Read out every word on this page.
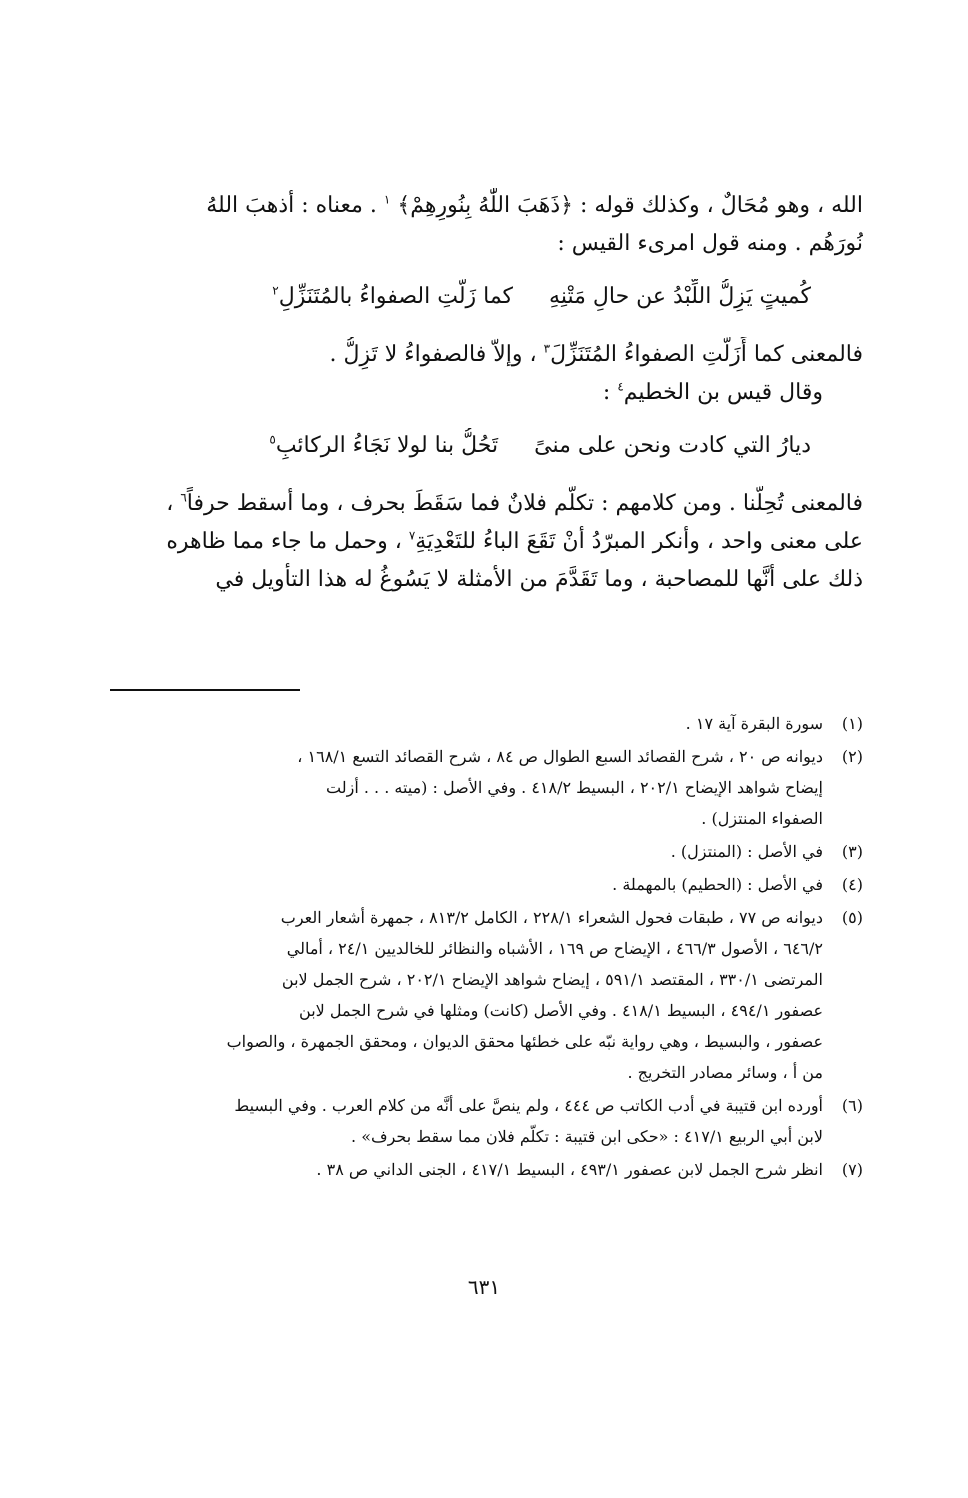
الله ، وهو مُحَالٌ ، وكذلك قوله : ﴿ذَهَبَ اللّٰهُ بِنُورِهِمْ﴾ $^١$ . معناه : أذهبَ اللهُ
نُورَهُم . ومنه قول امرىء القيس :
كُميتٍ يَزِلُّ اللِّبْدُ عن حالِ مَتْنِهِ
كما زَلَّتِ الصفواءُ بالمُتَنَزِّلِ$^٢$
فالمعنى كما أَزَلَّتِ الصفواءُ المُتَنَزِّلَ$^٣$ ، وإلاّ فالصفواءُ لا تَزِلُّ .
وقال قيس بن الخطيم$^٤$ :
ديارُ التي كادت ونحن على منىً
تَحُلُّ بنا لولا نَجَاءُ الركائبِ$^٥$
فالمعنى تُحِلُّنا . ومن كلامهم : تكلَّم فلانٌ فما سَقَطَ بحرف ، وما أسقط حرفاً$^٦$ ،
على معنى واحد ، وأنكر المبرّدُ أنْ تَقَعَ الباءُ للتَعْدِيَةِ$^٧$ ، وحمل ما جاء مما ظاهره
ذلك على أنَّها للمصاحبة ، وما تَقَدَّمَ من الأمثلة لا يَسُوغُ له هذا التأويل في
(١)
سورة البقرة آية ١٧ .
(٢)
ديوانه ص ٢٠ ، شرح القصائد السبع الطوال ص ٨٤ ، شرح القصائد التسع ١٦٨/١ ،
إيضاح شواهد الإيضاح ٢٠٢/١ ، البسيط ٤١٨/٢ . وفي الأصل : (ميته . . . أزلت
الصفواء المنتزل) .
(٣)
في الأصل : (المنتزل) .
(٤)
في الأصل : (الحطيم) بالمهملة .
(٥)
ديوانه ص ٧٧ ، طبقات فحول الشعراء ٢٢٨/١ ، الكامل ٨١٣/٢ ، جمهرة أشعار العرب
٦٤٦/٢ ، الأصول ٤٦٦/٣ ، الإيضاح ص ١٦٩ ، الأشباه والنظائر للخالديين ٢٤/١ ، أمالي
المرتضى ٣٣٠/١ ، المقتصد ٥٩١/١ ، إيضاح شواهد الإيضاح ٢٠٢/١ ، شرح الجمل لابن
عصفور ٤٩٤/١ ، البسيط ٤١٨/١ . وفي الأصل (كانت) ومثلها في شرح الجمل لابن
عصفور ، والبسيط ، وهي رواية نبّه على خطئها محقق الديوان ، ومحقق الجمهرة ، والصواب
من أ ، وسائر مصادر التخريج .
(٦)
أورده ابن قتيبة في أدب الكاتب ص ٤٤٤ ، ولم ينصَّ على أنَّه من كلام العرب . وفي البسيط
لابن أبي الربيع ٤١٧/١ : «حكى ابن قتيبة : تكلّم فلان مما سقط بحرف» .
(٧)
انظر شرح الجمل لابن عصفور ٤٩٣/١ ، البسيط ٤١٧/١ ، الجنى الداني ص ٣٨ .
٦٣١
